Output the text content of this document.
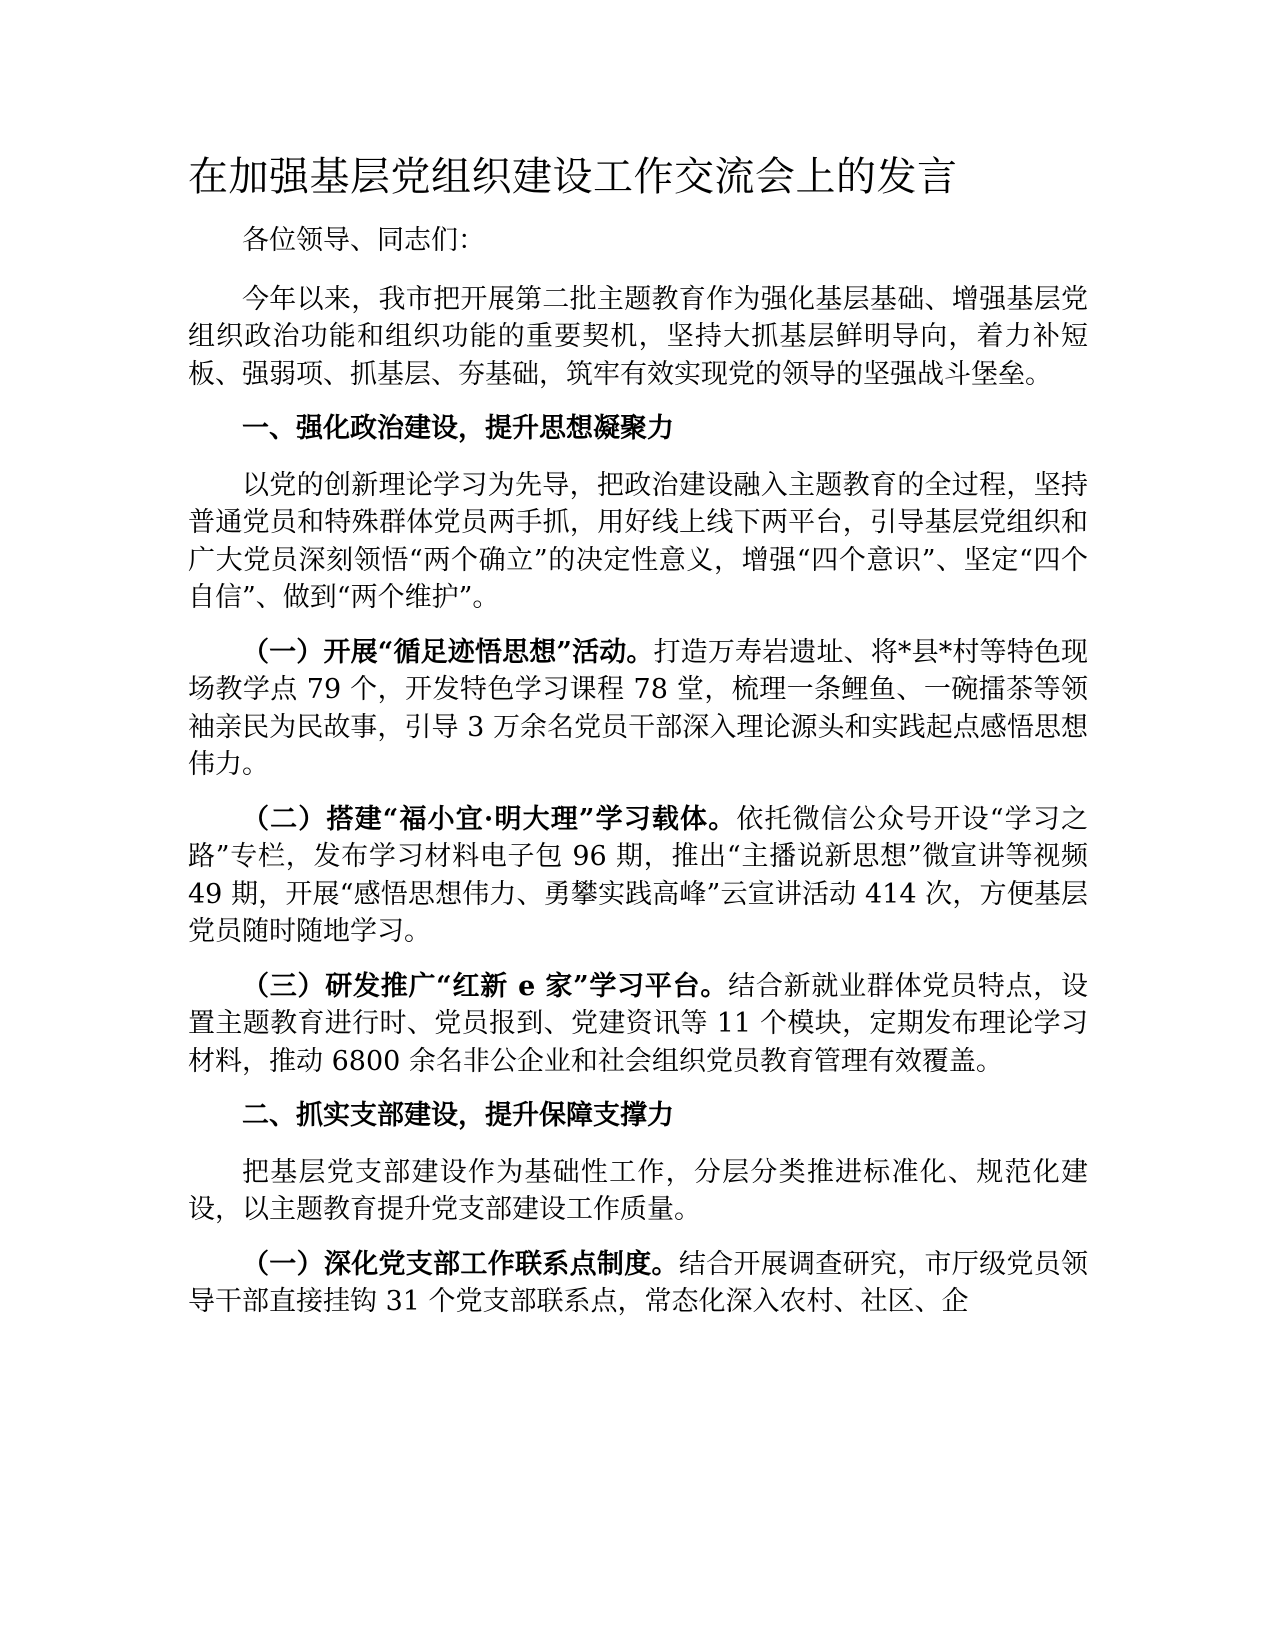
在加强基层党组织建设工作交流会上的发言

各位领导、同志们：

今年以来，我市把开展第二批主题教育作为强化基层基础、增强基层党组织政治功能和组织功能的重要契机，坚持大抓基层鲜明导向，着力补短板、强弱项、抓基层、夯基础，筑牢有效实现党的领导的坚强战斗堡垒。

一、强化政治建设，提升思想凝聚力

以党的创新理论学习为先导，把政治建设融入主题教育的全过程，坚持普通党员和特殊群体党员两手抓，用好线上线下两平台，引导基层党组织和广大党员深刻领悟“两个确立”的决定性意义，增强“四个意识”、坚定“四个自信”、做到“两个维护”。

（一）开展“循足迹悟思想”活动。打造万寿岩遗址、将*县*村等特色现场教学点 79 个，开发特色学习课程 78 堂，梳理一条鲤鱼、一碗擂茶等领袖亲民为民故事，引导 3 万余名党员干部深入理论源头和实践起点感悟思想伟力。

（二）搭建“福小宜·明大理”学习载体。依托微信公众号开设“学习之路”专栏，发布学习材料电子包 96 期，推出“主播说新思想”微宣讲等视频 49 期，开展“感悟思想伟力、勇攀实践高峰”云宣讲活动 414 次，方便基层党员随时随地学习。

（三）研发推广“红新 e 家”学习平台。结合新就业群体党员特点，设置主题教育进行时、党员报到、党建资讯等 11 个模块，定期发布理论学习材料，推动 6800 余名非公企业和社会组织党员教育管理有效覆盖。

二、抓实支部建设，提升保障支撑力

把基层党支部建设作为基础性工作，分层分类推进标准化、规范化建设，以主题教育提升党支部建设工作质量。

（一）深化党支部工作联系点制度。结合开展调查研究，市厅级党员领导干部直接挂钩 31 个党支部联系点，常态化深入农村、社区、企
